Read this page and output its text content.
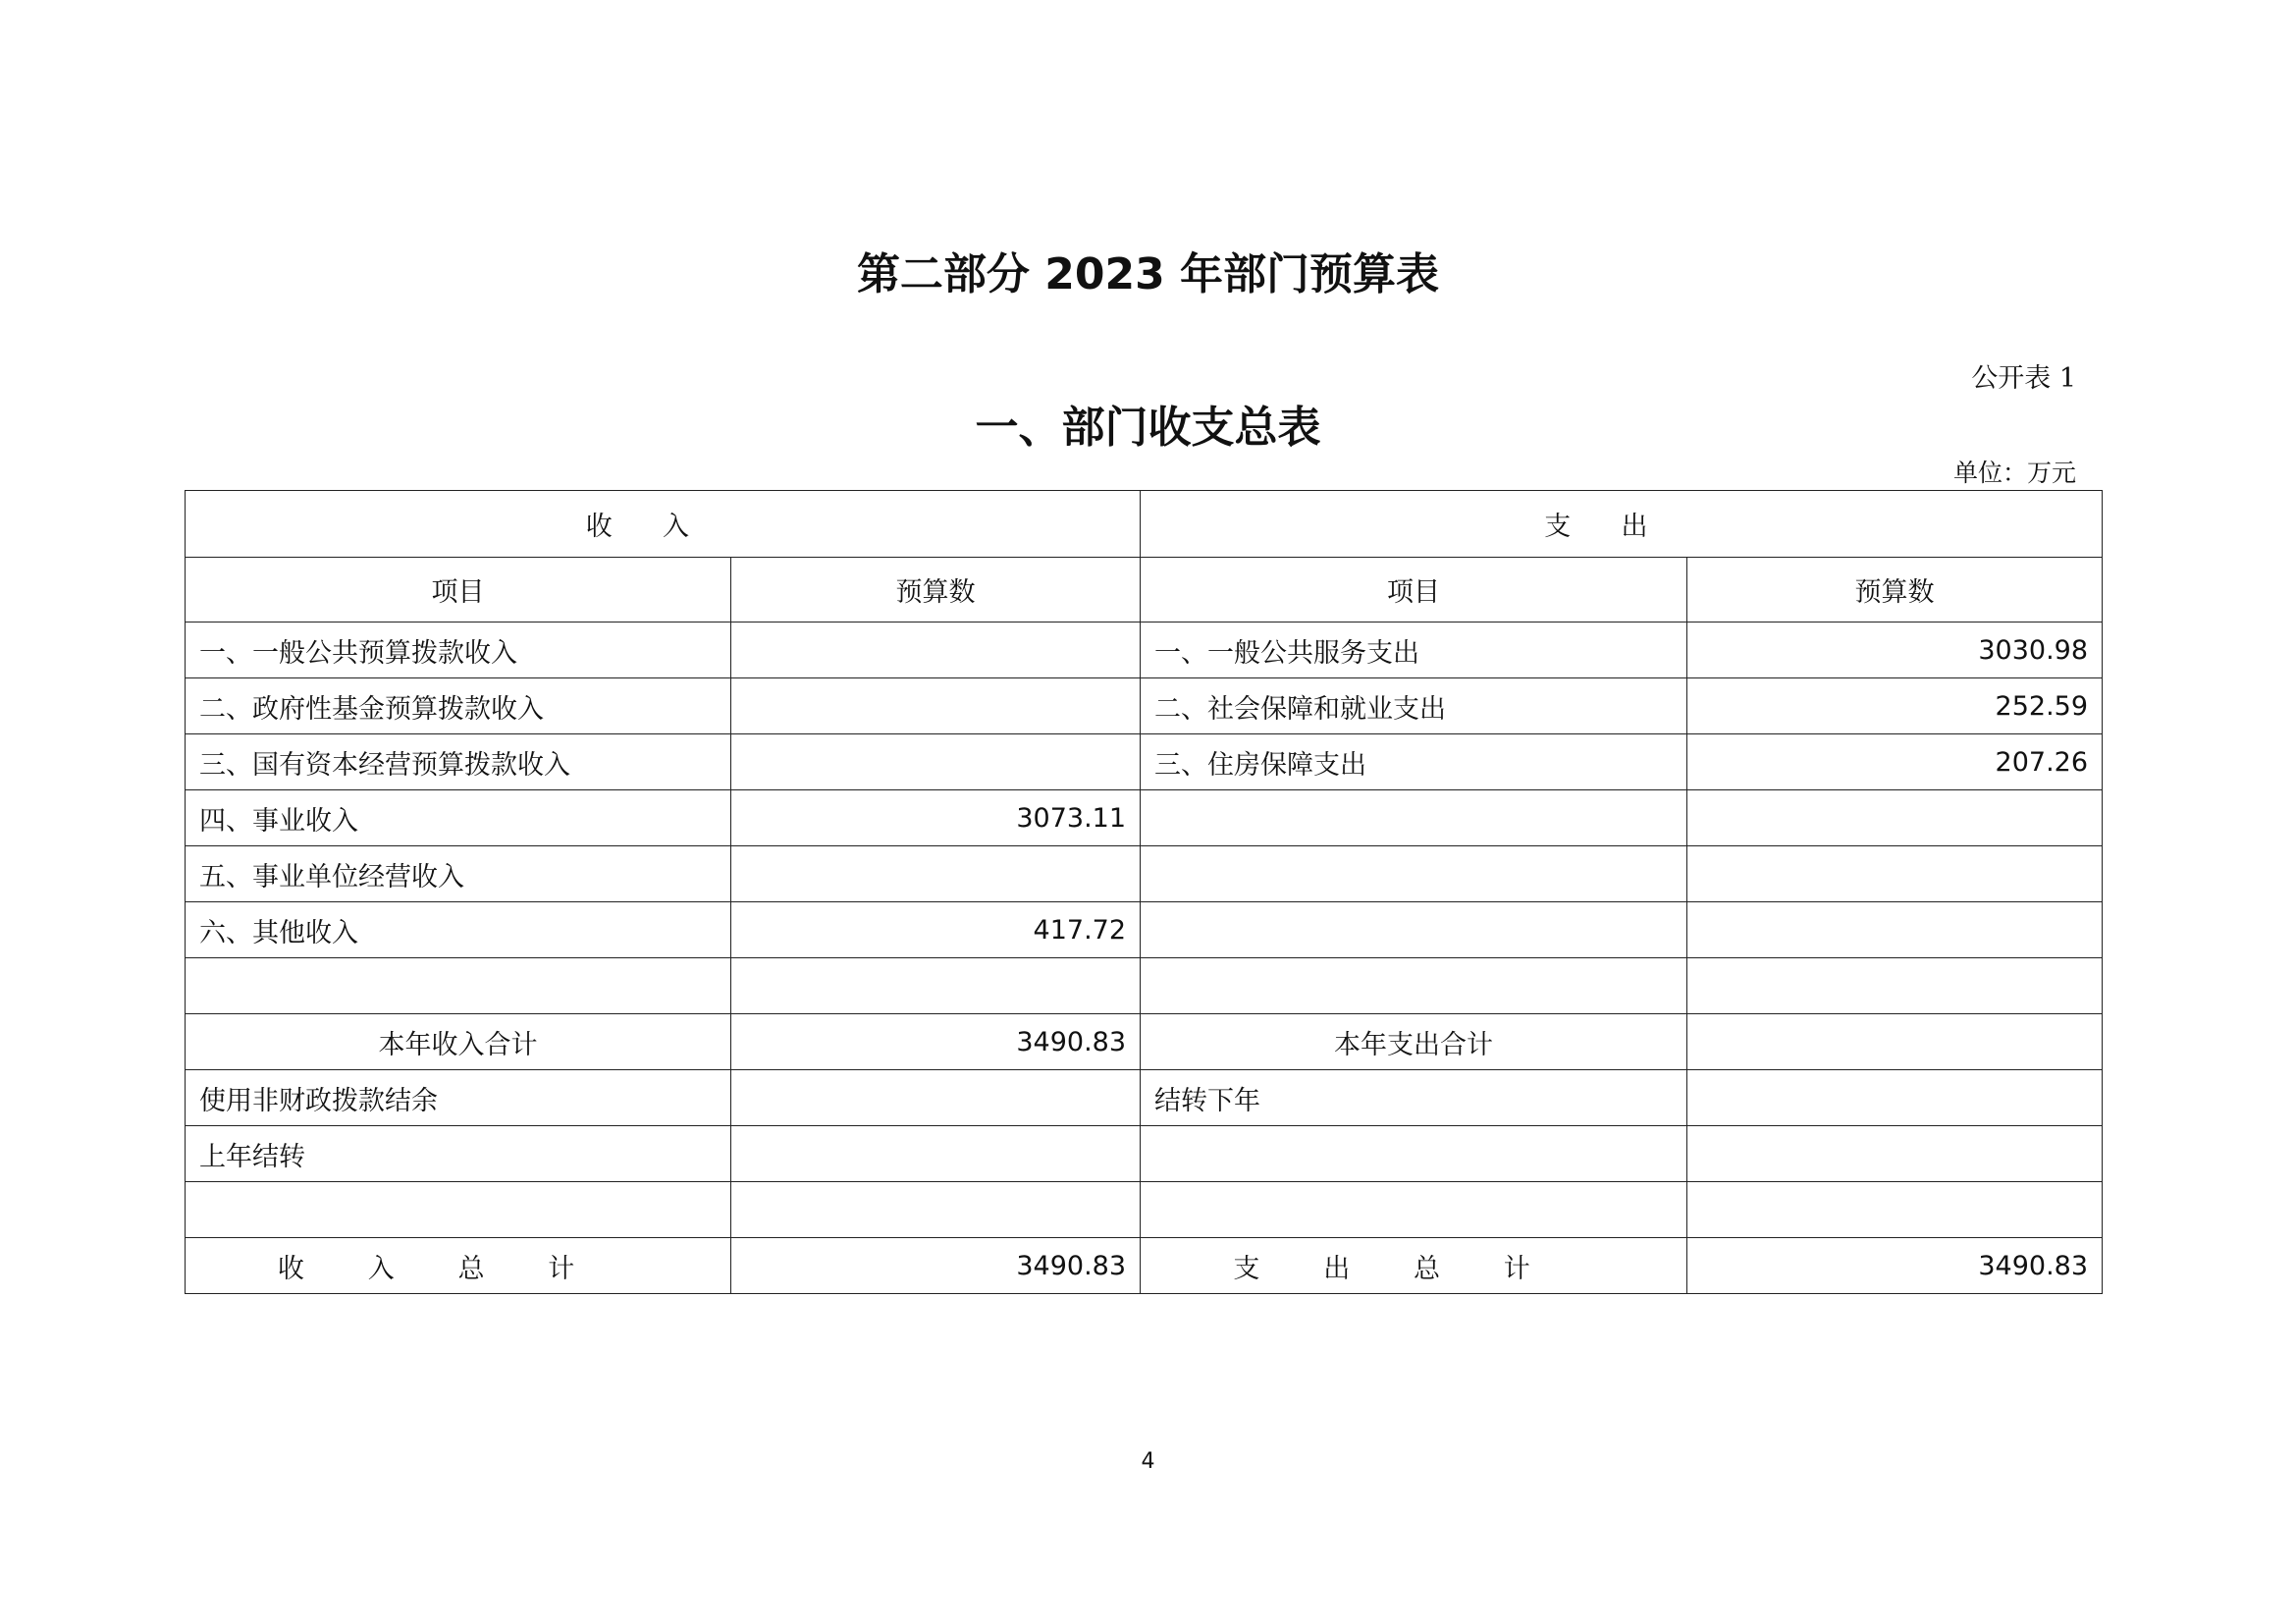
第二部分 2023 年部门预算表
公开表 1
一、部门收支总表
单位：万元
收入		支出	
项目	预算数	项目	预算数
一、一般公共预算拨款收入		一、一般公共服务支出	3030.98
二、政府性基金预算拨款收入		二、社会保障和就业支出	252.59
三、国有资本经营预算拨款收入		三、住房保障支出	207.26
四、事业收入	3073.11		
五、事业单位经营收入			
六、其他收入	417.72		

本年收入合计	3490.83	本年支出合计	
使用非财政拨款结余		结转下年	
上年结转			

收入总计	3490.83	支出总计	3490.83
4
